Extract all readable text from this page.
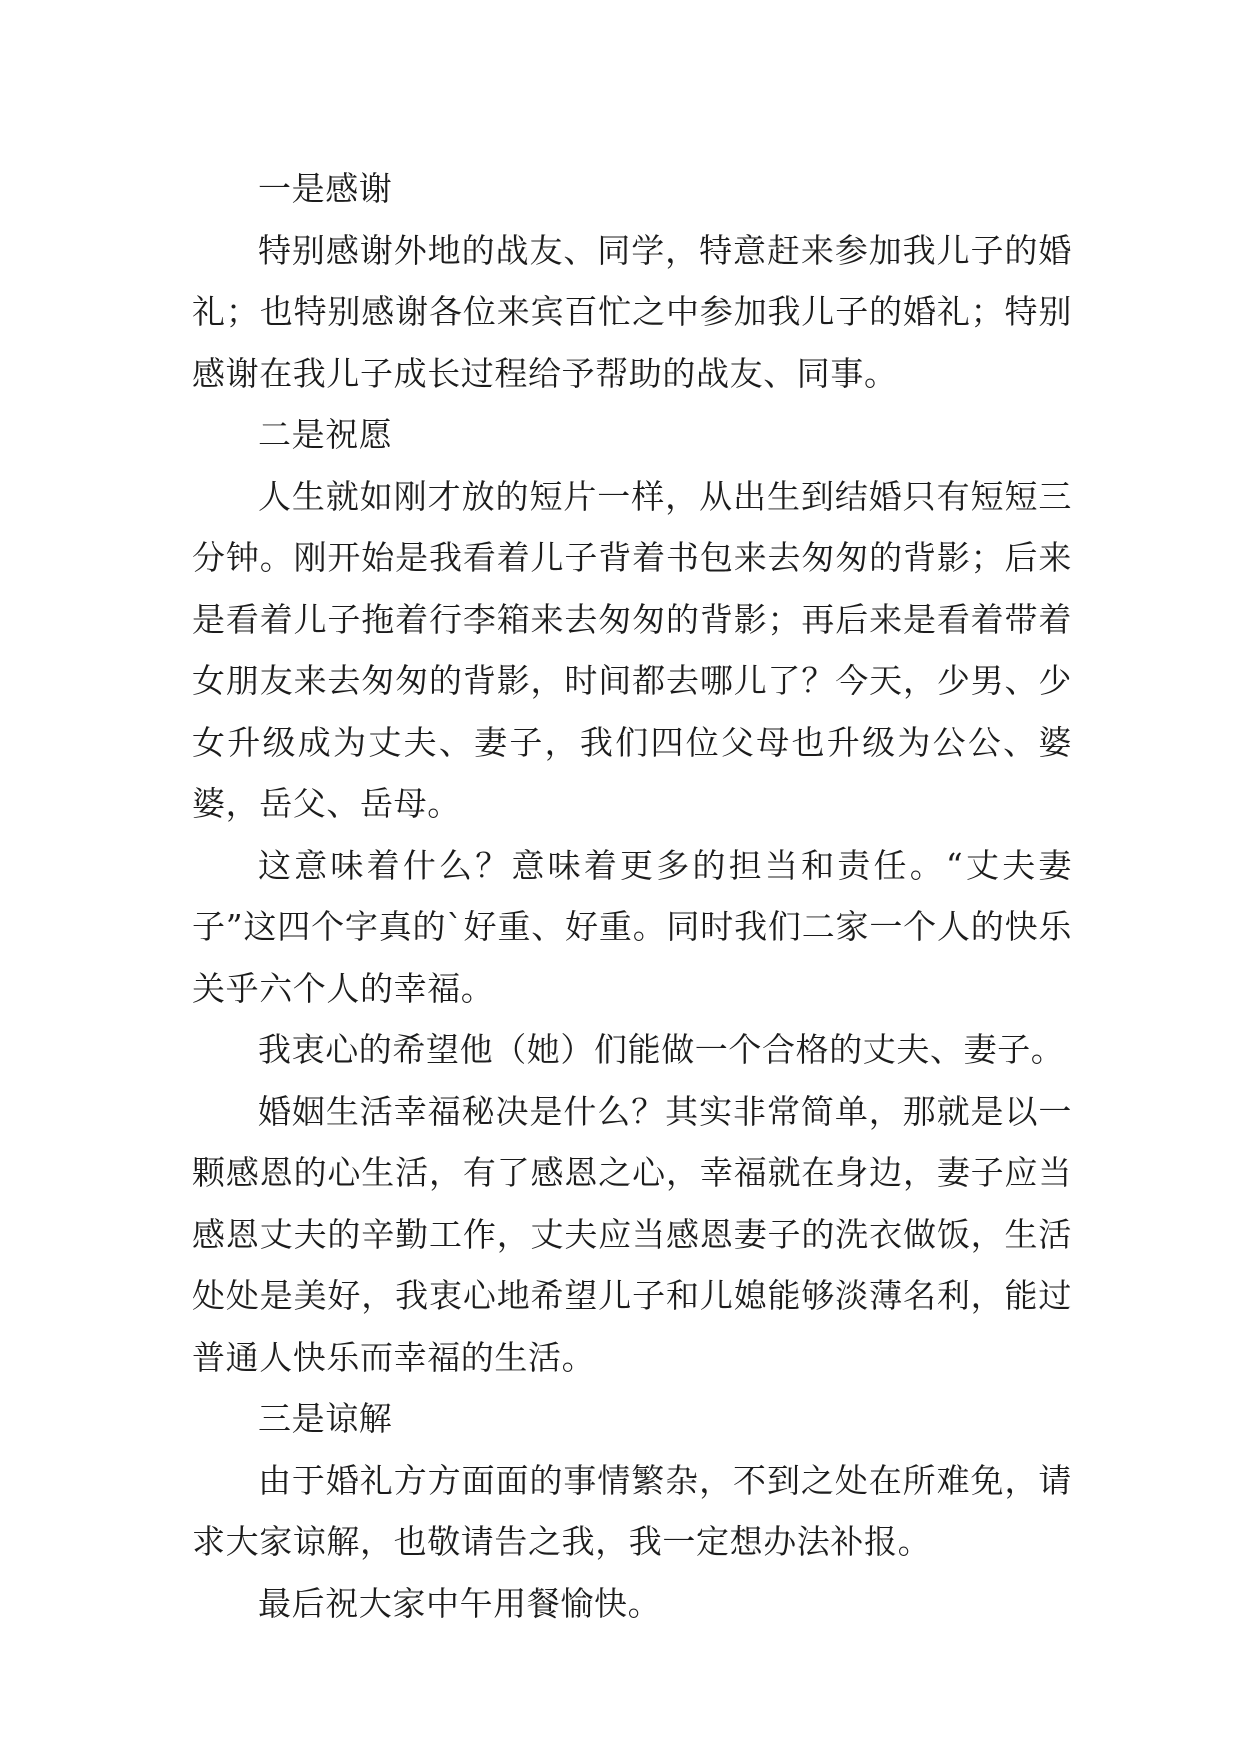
一是感谢

特别感谢外地的战友、同学，特意赶来参加我儿子的婚礼；也特别感谢各位来宾百忙之中参加我儿子的婚礼；特别感谢在我儿子成长过程给予帮助的战友、同事。

二是祝愿

人生就如刚才放的短片一样，从出生到结婚只有短短三分钟。刚开始是我看着儿子背着书包来去匆匆的背影；后来是看着儿子拖着行李箱来去匆匆的背影；再后来是看着带着女朋友来去匆匆的背影，时间都去哪儿了？今天，少男、少女升级成为丈夫、妻子，我们四位父母也升级为公公、婆婆，岳父、岳母。

这意味着什么？意味着更多的担当和责任。“丈夫妻子”这四个字真的`好重、好重。同时我们二家一个人的快乐关乎六个人的幸福。

我衷心的希望他（她）们能做一个合格的丈夫、妻子。

婚姻生活幸福秘决是什么？其实非常简单，那就是以一颗感恩的心生活，有了感恩之心，幸福就在身边，妻子应当感恩丈夫的辛勤工作，丈夫应当感恩妻子的洗衣做饭，生活处处是美好，我衷心地希望儿子和儿媳能够淡薄名利，能过普通人快乐而幸福的生活。

三是谅解

由于婚礼方方面面的事情繁杂，不到之处在所难免，请求大家谅解，也敬请告之我，我一定想办法补报。

最后祝大家中午用餐愉快。
